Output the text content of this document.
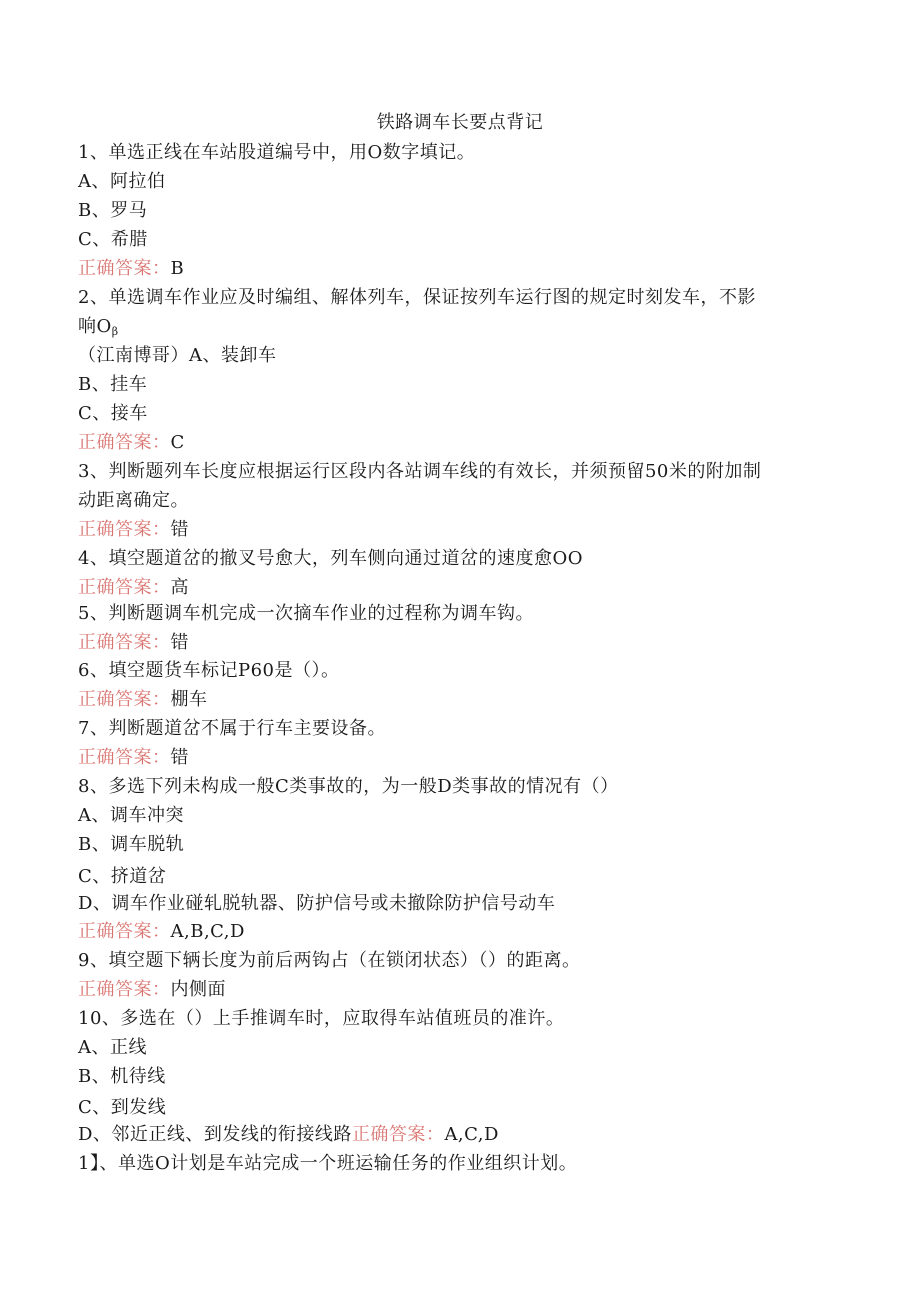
铁路调车长要点背记
1、单选正线在车站股道编号中，用O数字填记。
A、阿拉伯
B、罗马
C、希腊
正确答案：B
2、单选调车作业应及时编组、解体列车，保证按列车运行图的规定时刻发车，不影
响$O_\beta$
（江南博哥）A、装卸车
B、挂车
C、接车
正确答案：C
3、判断题列车长度应根据运行区段内各站调车线的有效长，并须预留50米的附加制
动距离确定。
正确答案：错
4、填空题道岔的撤叉号愈大，列车侧向通过道岔的速度愈OO
正确答案：高
5、判断题调车机完成一次摘车作业的过程称为调车钩。
正确答案：错
6、填空题货车标记P60是（）。
正确答案：棚车
7、判断题道岔不属于行车主要设备。
正确答案：错
8、多选下列未构成一般C类事故的，为一般D类事故的情况有（）
A、调车冲突
B、调车脱轨
C、挤道岔
D、调车作业碰轧脱轨器、防护信号或未撤除防护信号动车
正确答案：A,B,C,D
9、填空题下辆长度为前后两钩占（在锁闭状态）（）的距离。
正确答案：内侧面
10、多选在（）上手推调车时，应取得车站值班员的准许。
A、正线
B、机待线
C、到发线
D、邻近正线、到发线的衔接线路正确答案：A,C,D
1】、单选O计划是车站完成一个班运输任务的作业组织计划。
